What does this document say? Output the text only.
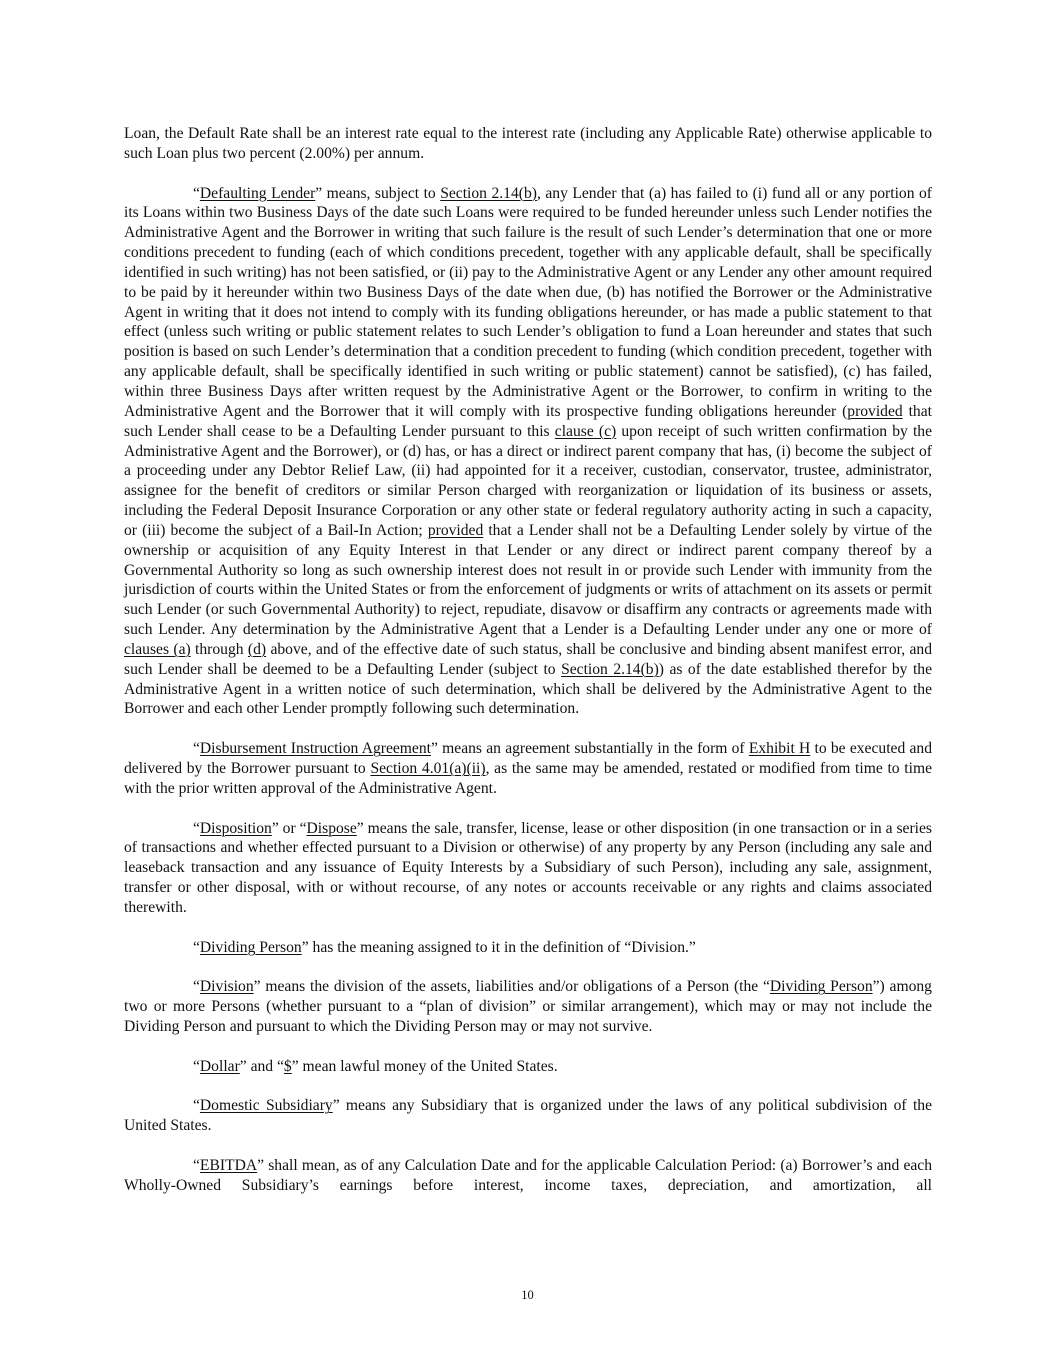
Loan, the Default Rate shall be an interest rate equal to the interest rate (including any Applicable Rate) otherwise applicable to such Loan plus two percent (2.00%) per annum.

“Defaulting Lender” means, subject to Section 2.14(b), any Lender that (a) has failed to (i) fund all or any portion of its Loans within two Business Days of the date such Loans were required to be funded hereunder unless such Lender notifies the Administrative Agent and the Borrower in writing that such failure is the result of such Lender’s determination that one or more conditions precedent to funding (each of which conditions precedent, together with any applicable default, shall be specifically identified in such writing) has not been satisfied, or (ii) pay to the Administrative Agent or any Lender any other amount required to be paid by it hereunder within two Business Days of the date when due, (b) has notified the Borrower or the Administrative Agent in writing that it does not intend to comply with its funding obligations hereunder, or has made a public statement to that effect (unless such writing or public statement relates to such Lender’s obligation to fund a Loan hereunder and states that such position is based on such Lender’s determination that a condition precedent to funding (which condition precedent, together with any applicable default, shall be specifically identified in such writing or public statement) cannot be satisfied), (c) has failed, within three Business Days after written request by the Administrative Agent or the Borrower, to confirm in writing to the Administrative Agent and the Borrower that it will comply with its prospective funding obligations hereunder (provided that such Lender shall cease to be a Defaulting Lender pursuant to this clause (c) upon receipt of such written confirmation by the Administrative Agent and the Borrower), or (d) has, or has a direct or indirect parent company that has, (i) become the subject of a proceeding under any Debtor Relief Law, (ii) had appointed for it a receiver, custodian, conservator, trustee, administrator, assignee for the benefit of creditors or similar Person charged with reorganization or liquidation of its business or assets, including the Federal Deposit Insurance Corporation or any other state or federal regulatory authority acting in such a capacity, or (iii) become the subject of a Bail-In Action; provided that a Lender shall not be a Defaulting Lender solely by virtue of the ownership or acquisition of any Equity Interest in that Lender or any direct or indirect parent company thereof by a Governmental Authority so long as such ownership interest does not result in or provide such Lender with immunity from the jurisdiction of courts within the United States or from the enforcement of judgments or writs of attachment on its assets or permit such Lender (or such Governmental Authority) to reject, repudiate, disavow or disaffirm any contracts or agreements made with such Lender. Any determination by the Administrative Agent that a Lender is a Defaulting Lender under any one or more of clauses (a) through (d) above, and of the effective date of such status, shall be conclusive and binding absent manifest error, and such Lender shall be deemed to be a Defaulting Lender (subject to Section 2.14(b)) as of the date established therefor by the Administrative Agent in a written notice of such determination, which shall be delivered by the Administrative Agent to the Borrower and each other Lender promptly following such determination.

“Disbursement Instruction Agreement” means an agreement substantially in the form of Exhibit H to be executed and delivered by the Borrower pursuant to Section 4.01(a)(ii), as the same may be amended, restated or modified from time to time with the prior written approval of the Administrative Agent.

“Disposition” or “Dispose” means the sale, transfer, license, lease or other disposition (in one transaction or in a series of transactions and whether effected pursuant to a Division or otherwise) of any property by any Person (including any sale and leaseback transaction and any issuance of Equity Interests by a Subsidiary of such Person), including any sale, assignment, transfer or other disposal, with or without recourse, of any notes or accounts receivable or any rights and claims associated therewith.

“Dividing Person” has the meaning assigned to it in the definition of “Division.”

“Division” means the division of the assets, liabilities and/or obligations of a Person (the “Dividing Person”) among two or more Persons (whether pursuant to a “plan of division” or similar arrangement), which may or may not include the Dividing Person and pursuant to which the Dividing Person may or may not survive.

“Dollar” and “$” mean lawful money of the United States.

“Domestic Subsidiary” means any Subsidiary that is organized under the laws of any political subdivision of the United States.

“EBITDA” shall mean, as of any Calculation Date and for the applicable Calculation Period: (a) Borrower’s and each Wholly-Owned Subsidiary’s earnings before interest, income taxes, depreciation, and amortization, all

10
